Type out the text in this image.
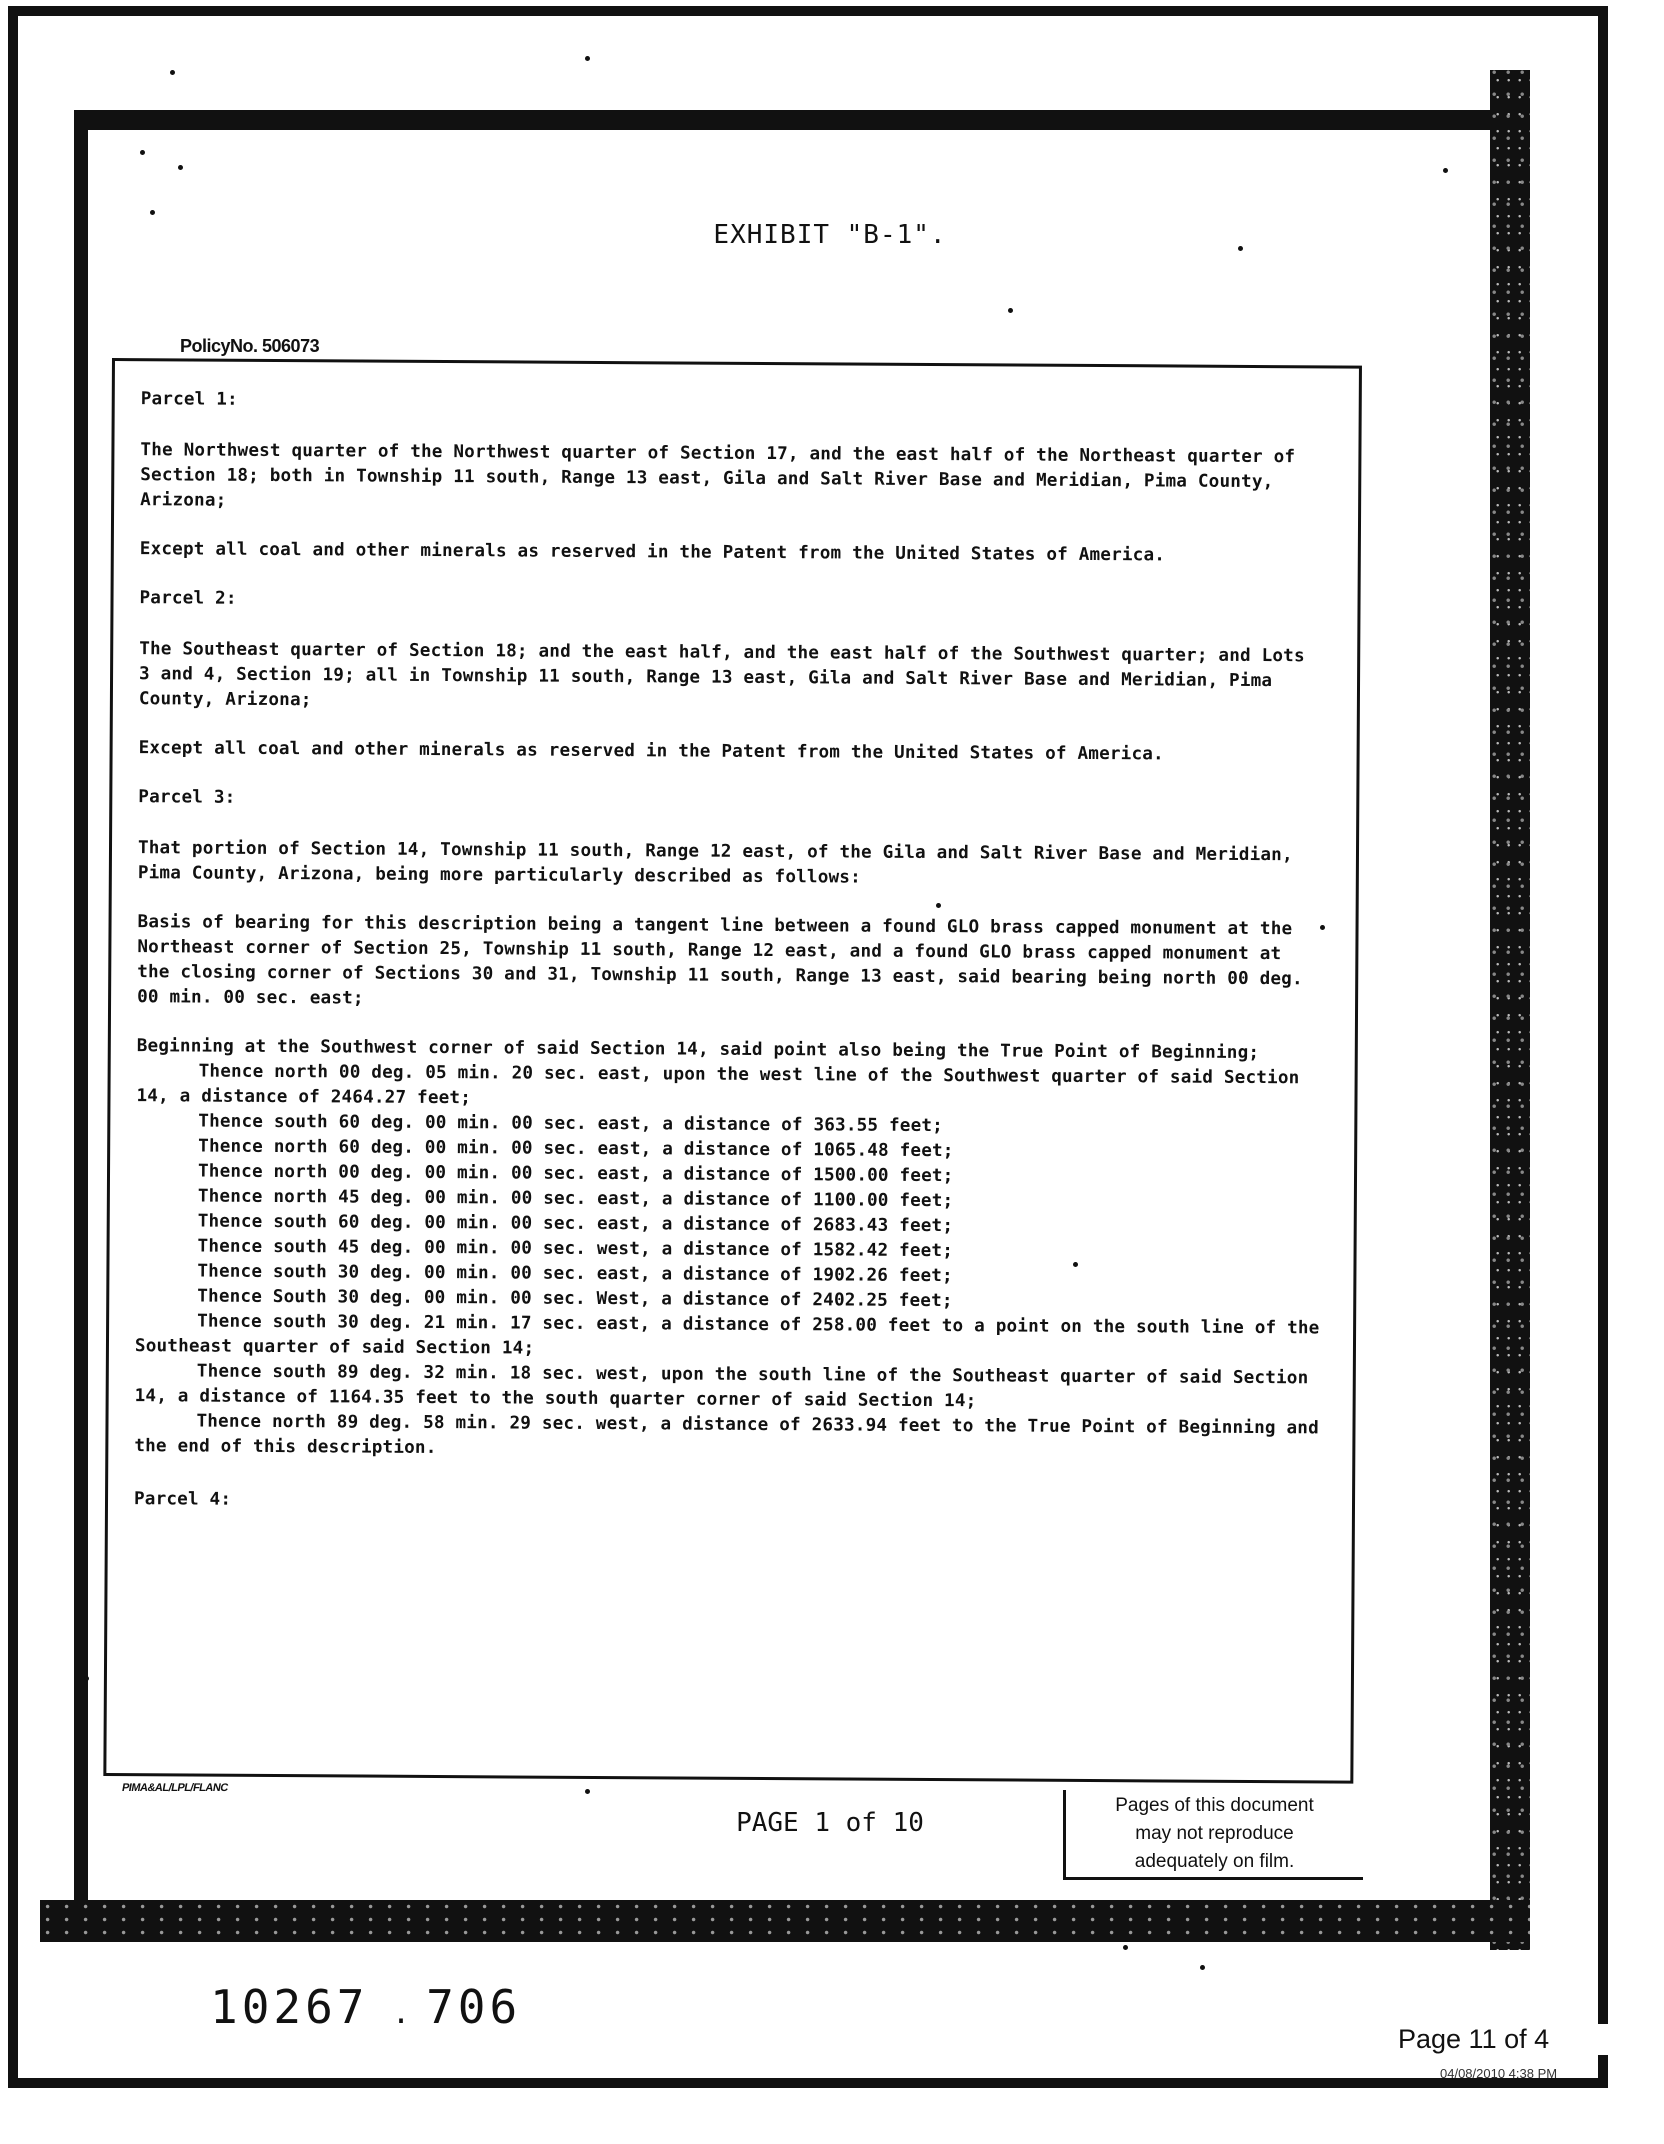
EXHIBIT "B-1".
PolicyNo. 506073

Parcel 1:

The Northwest quarter of the Northwest quarter of Section 17, and the east half of the Northeast quarter of Section 18; both in Township 11 south, Range 13 east, Gila and Salt River Base and Meridian, Pima County, Arizona;

Except all coal and other minerals as reserved in the Patent from the United States of America.

Parcel 2:

The Southeast quarter of Section 18; and the east half, and the east half of the Southwest quarter; and Lots 3 and 4, Section 19; all in Township 11 south, Range 13 east, Gila and Salt River Base and Meridian, Pima County, Arizona;

Except all coal and other minerals as reserved in the Patent from the United States of America.

Parcel 3:

That portion of Section 14, Township 11 south, Range 12 east, of the Gila and Salt River Base and Meridian, Pima County, Arizona, being more particularly described as follows:

Basis of bearing for this description being a tangent line between a found GLO brass capped monument at the Northeast corner of Section 25, Township 11 south, Range 12 east, and a found GLO brass capped monument at the closing corner of Sections 30 and 31, Township 11 south, Range 13 east, said bearing being north 00 deg. 00 min. 00 sec. east;

Beginning at the Southwest corner of said Section 14, said point also being the True Point of Beginning;
Thence north 00 deg. 05 min. 20 sec. east, upon the west line of the Southwest quarter of said Section 14, a distance of 2464.27 feet;
Thence south 60 deg. 00 min. 00 sec. east, a distance of 363.55 feet;
Thence north 60 deg. 00 min. 00 sec. east, a distance of 1065.48 feet;
Thence north 00 deg. 00 min. 00 sec. east, a distance of 1500.00 feet;
Thence north 45 deg. 00 min. 00 sec. east, a distance of 1100.00 feet;
Thence south 60 deg. 00 min. 00 sec. east, a distance of 2683.43 feet;
Thence south 45 deg. 00 min. 00 sec. west, a distance of 1582.42 feet;
Thence south 30 deg. 00 min. 00 sec. east, a distance of 1902.26 feet;
Thence South 30 deg. 00 min. 00 sec. West, a distance of 2402.25 feet;
Thence south 30 deg. 21 min. 17 sec. east, a distance of 258.00 feet to a point on the south line of the Southeast quarter of said Section 14;
Thence south 89 deg. 32 min. 18 sec. west, upon the south line of the Southeast quarter of said Section 14, a distance of 1164.35 feet to the south quarter corner of said Section 14;
Thence north 89 deg. 58 min. 29 sec. west, a distance of 2633.94 feet to the True Point of Beginning and the end of this description.

Parcel 4:

PIMA&AL/LPL/FLANC
PAGE 1 of 10
Pages of this document
may not reproduce
adequately on film.
10267 . 706
Page 11 of 4
04/08/2010 4:38 PM
